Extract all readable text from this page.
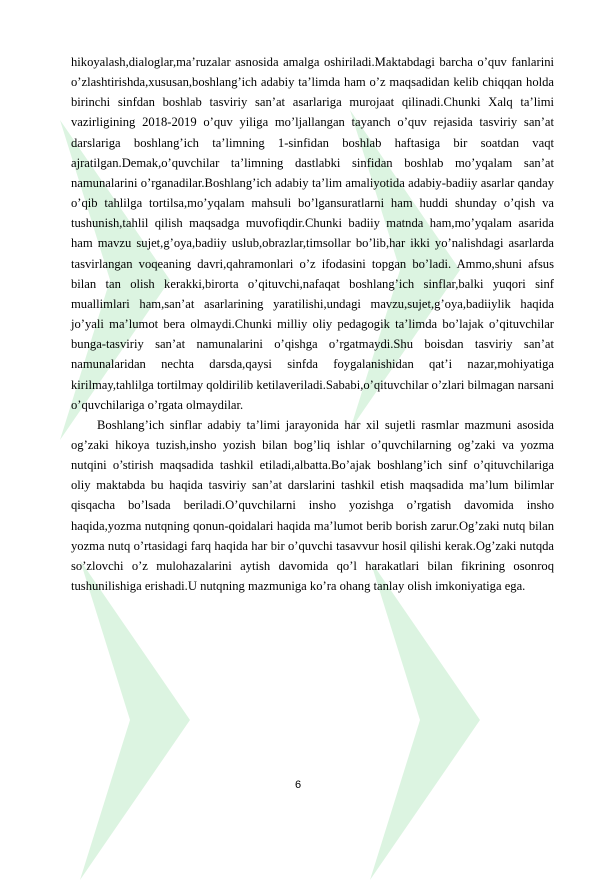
hikoyalash,dialoglar,ma’ruzalar asnosida amalga oshiriladi.Maktabdagi barcha o’quv fanlarini o’zlashtirishda,xususan,boshlang’ich adabiy ta’limda ham o’z maqsadidan kelib chiqqan holda birinchi sinfdan boshlab tasviriy san’at asarlariga murojaat qilinadi.Chunki Xalq ta’limi vazirligining 2018-2019 o’quv yiliga mo’ljallangan tayanch o’quv rejasida tasviriy san’at darslariga boshlang’ich ta’limning 1-sinfidan boshlab haftasiga bir soatdan vaqt ajratilgan.Demak,o’quvchilar ta’limning dastlabki sinfidan boshlab mo’yqalam san’at namunalarini o’rganadilar.Boshlang’ich adabiy ta’lim amaliyotida adabiy-badiiy asarlar qanday o’qib tahlilga tortilsa,mo’yqalam mahsuli bo’lgansuratlarni ham huddi shunday o’qish va tushunish,tahlil qilish maqsadga muvofiqdir.Chunki badiiy matnda ham,mo’yqalam asarida ham mavzu sujet,g’oya,badiiy uslub,obrazlar,timsollar bo’lib,har ikki yo’nalishdagi asarlarda tasvirlangan voqeaning davri,qahramonlari o’z ifodasini topgan bo’ladi. Ammo,shuni afsus bilan tan olish kerakki,birorta o’qituvchi,nafaqat boshlang’ich sinflar,balki yuqori sinf muallimlari ham,san’at asarlarining yaratilishi,undagi mavzu,sujet,g’oya,badiiylik haqida jo’yali ma’lumot bera olmaydi.Chunki milliy oliy pedagogik ta’limda bo’lajak o’qituvchilar bunga-tasviriy san’at namunalarini o’qishga o’rgatmaydi.Shu boisdan tasviriy san’at namunalaridan nechta darsda,qaysi sinfda foygalanishidan qat’i nazar,mohiyatiga kirilmay,tahlilga tortilmay qoldirilib ketilaveriladi.Sababi,o’qituvchilar o’zlari bilmagan narsani o’quvchilariga o’rgata olmaydilar.

Boshlang’ich sinflar adabiy ta’limi jarayonida har xil sujetli rasmlar mazmuni asosida og’zaki hikoya tuzish,insho yozish bilan bog’liq ishlar o’quvchilarning og’zaki va yozma nutqini o’stirish maqsadida tashkil etiladi,albatta.Bo’ajak boshlang’ich sinf o’qituvchilariga oliy maktabda bu haqida tasviriy san’at darslarini tashkil etish maqsadida ma’lum bilimlar qisqacha bo’lsada beriladi.O’quvchilarni insho yozishga o’rgatish davomida insho haqida,yozma nutqning qonun-qoidalari haqida ma’lumot berib borish zarur.Og’zaki nutq bilan yozma nutq o’rtasidagi farq haqida har bir o’quvchi tasavvur hosil qilishi kerak.Og’zaki nutqda so’zlovchi o’z mulohazalarini aytish davomida qo’l harakatlari bilan fikrining osonroq tushunilishiga erishadi.U nutqning mazmuniga ko’ra ohang tanlay olish imkoniyatiga ega.

6
